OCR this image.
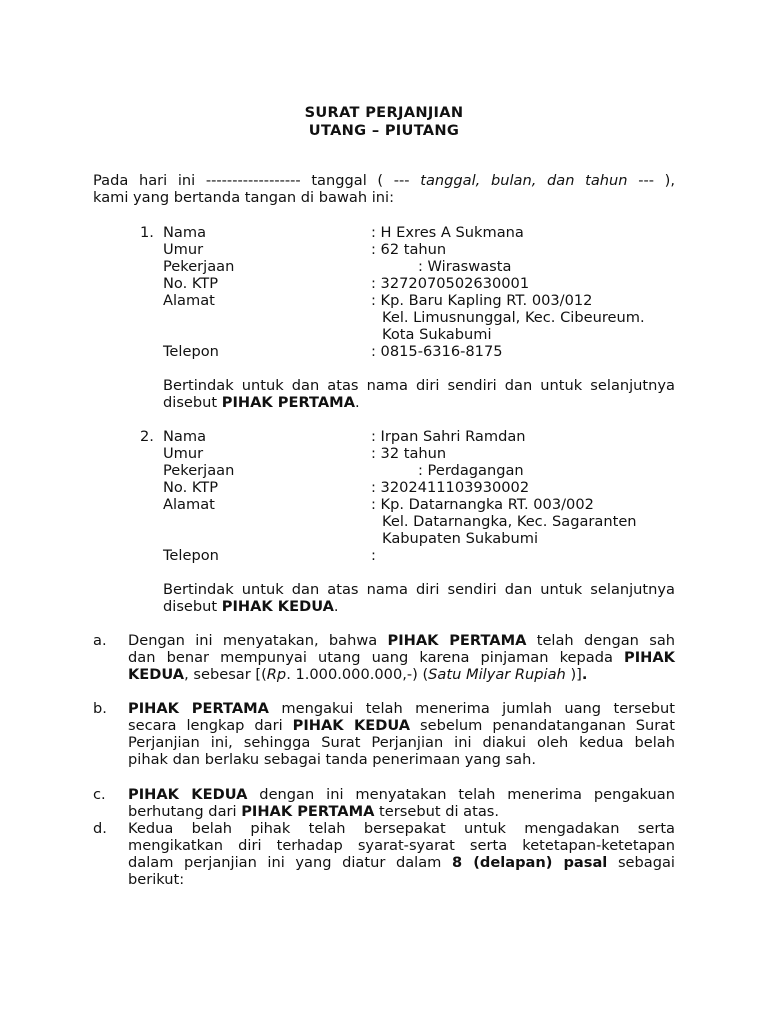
SURAT PERJANJIAN
UTANG – PIUTANG
Pada hari ini ------------------ tanggal ( --- tanggal, bulan, dan tahun --- ),
kami yang bertanda tangan di bawah ini:
1. Nama	: H Exres A Sukmana
Umur	: 62 tahun
Pekerjaan	: Wiraswasta
No. KTP	: 3272070502630001
Alamat	: Kp. Baru Kapling RT. 003/012
Kel. Limusnunggal, Kec. Cibeureum.
Kota Sukabumi
Telepon	: 0815-6316-8175
Bertindak untuk dan atas nama diri sendiri dan untuk selanjutnya
disebut PIHAK PERTAMA.
2. Nama	: Irpan Sahri Ramdan
Umur	: 32 tahun
Pekerjaan	: Perdagangan
No. KTP	: 3202411103930002
Alamat	: Kp. Datarnangka RT. 003/002
Kel. Datarnangka, Kec. Sagaranten
Kabupaten Sukabumi
Telepon	:
Bertindak untuk dan atas nama diri sendiri dan untuk selanjutnya
disebut PIHAK KEDUA.
a. Dengan ini menyatakan, bahwa PIHAK PERTAMA telah dengan sah
dan benar mempunyai utang uang karena pinjaman kepada PIHAK
KEDUA, sebesar [(Rp. 1.000.000.000,-) (Satu Milyar Rupiah )].
b. PIHAK PERTAMA mengakui telah menerima jumlah uang tersebut
secara lengkap dari PIHAK KEDUA sebelum penandatanganan Surat
Perjanjian ini, sehingga Surat Perjanjian ini diakui oleh kedua belah
pihak dan berlaku sebagai tanda penerimaan yang sah.
c. PIHAK KEDUA dengan ini menyatakan telah menerima pengakuan
berhutang dari PIHAK PERTAMA tersebut di atas.
d. Kedua belah pihak telah bersepakat untuk mengadakan serta
mengikatkan diri terhadap syarat-syarat serta ketetapan-ketetapan
dalam perjanjian ini yang diatur dalam 8 (delapan) pasal sebagai
berikut:
